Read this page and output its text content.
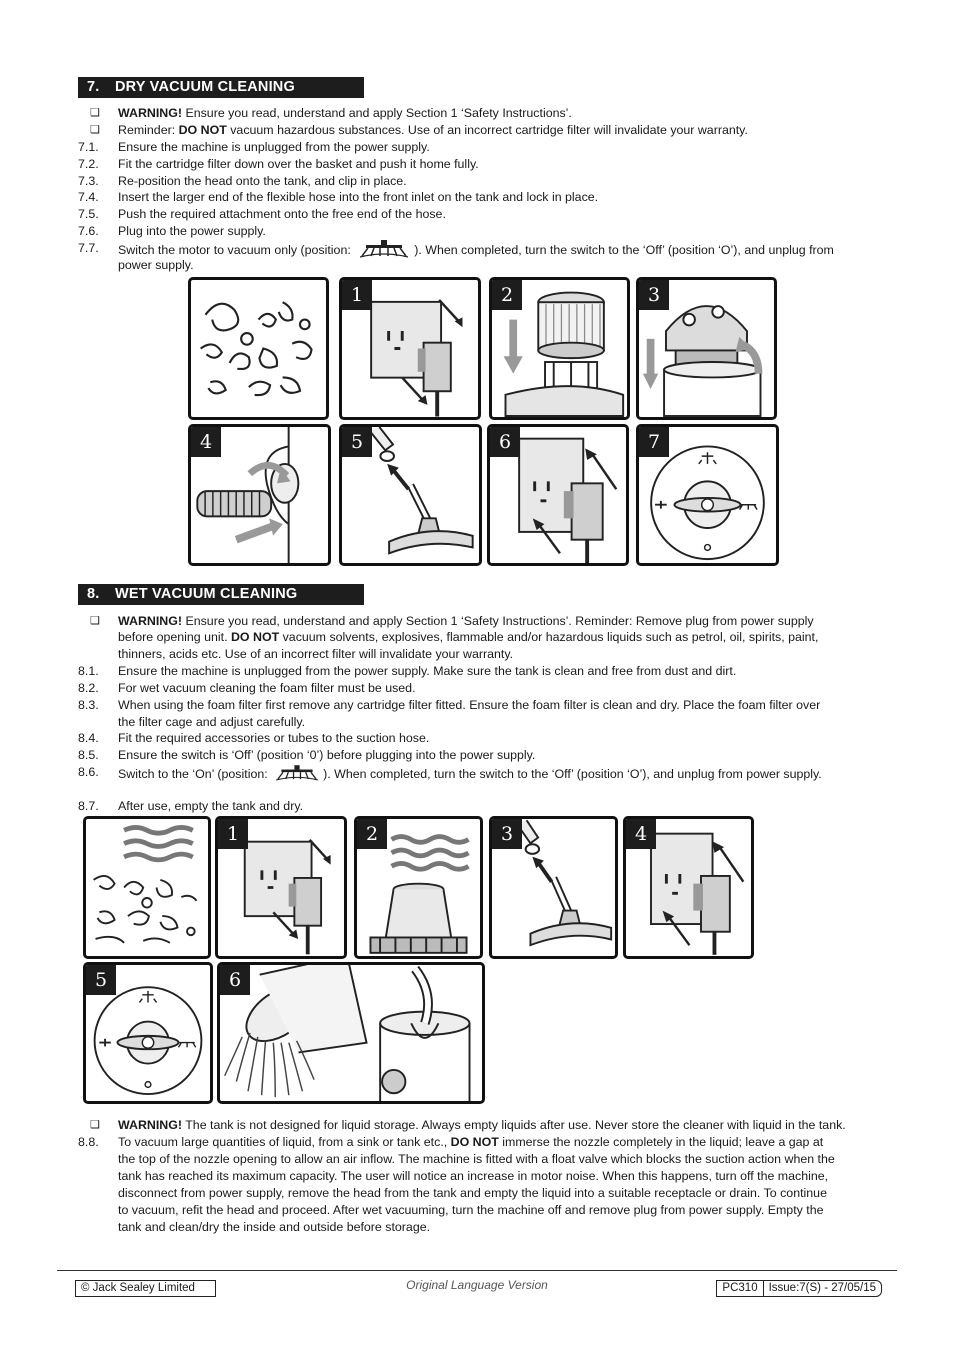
7. DRY VACUUM CLEANING
❑	WARNING! Ensure you read, understand and apply Section 1 ‘Safety Instructions’.
❑	Reminder: DO NOT vacuum hazardous substances. Use of an incorrect cartridge filter will invalidate your warranty.
7.1.	Ensure the machine is unplugged from the power supply.
7.2.	Fit the cartridge filter down over the basket and push it home fully.
7.3.	Re-position the head onto the tank, and clip in place.
7.4.	Insert the larger end of the flexible hose into the front inlet on the tank and lock in place.
7.5.	Push the required attachment onto the free end of the hose.
7.6.	Plug into the power supply.
7.7.	Switch the motor to vacuum only (position:	). When completed, turn the switch to the ‘Off’ (position ‘O’), and unplug from
power supply.
1	2	3
4	5	6	7
8. WET VACUUM CLEANING
❑	WARNING! Ensure you read, understand and apply Section 1 ‘Safety Instructions’. Reminder: Remove plug from power supply
before opening unit. DO NOT vacuum solvents, explosives, flammable and/or hazardous liquids such as petrol, oil, spirits, paint,
thinners, acids etc. Use of an incorrect filter will invalidate your warranty.
8.1.	Ensure the machine is unplugged from the power supply. Make sure the tank is clean and free from dust and dirt.
8.2.	For wet vacuum cleaning the foam filter must be used.
8.3.	When using the foam filter first remove any cartridge filter fitted. Ensure the foam filter is clean and dry. Place the foam filter over
the filter cage and adjust carefully.
8.4.	Fit the required accessories or tubes to the suction hose.
8.5.	Ensure the switch is ‘Off’ (position ‘0’) before plugging into the power supply.
8.6.	Switch to the ‘On’ (position:	). When completed, turn the switch to the ‘Off’ (position ‘O’), and unplug from power supply.
8.7.	After use, empty the tank and dry.
1	2	3	4
5	6
❑	WARNING! The tank is not designed for liquid storage. Always empty liquids after use. Never store the cleaner with liquid in the tank.
8.8.	To vacuum large quantities of liquid, from a sink or tank etc., DO NOT immerse the nozzle completely in the liquid; leave a gap at
the top of the nozzle opening to allow an air inflow. The machine is fitted with a float valve which blocks the suction action when the
tank has reached its maximum capacity. The user will notice an increase in motor noise. When this happens, turn off the machine,
disconnect from power supply, remove the head from the tank and empty the liquid into a suitable receptacle or drain. To continue
to vacuum, refit the head and proceed. After wet vacuuming, turn the machine off and remove plug from power supply. Empty the
tank and clean/dry the inside and outside before storage.
© Jack Sealey Limited	Original Language Version	PC310 Issue:7(S) - 27/05/15
